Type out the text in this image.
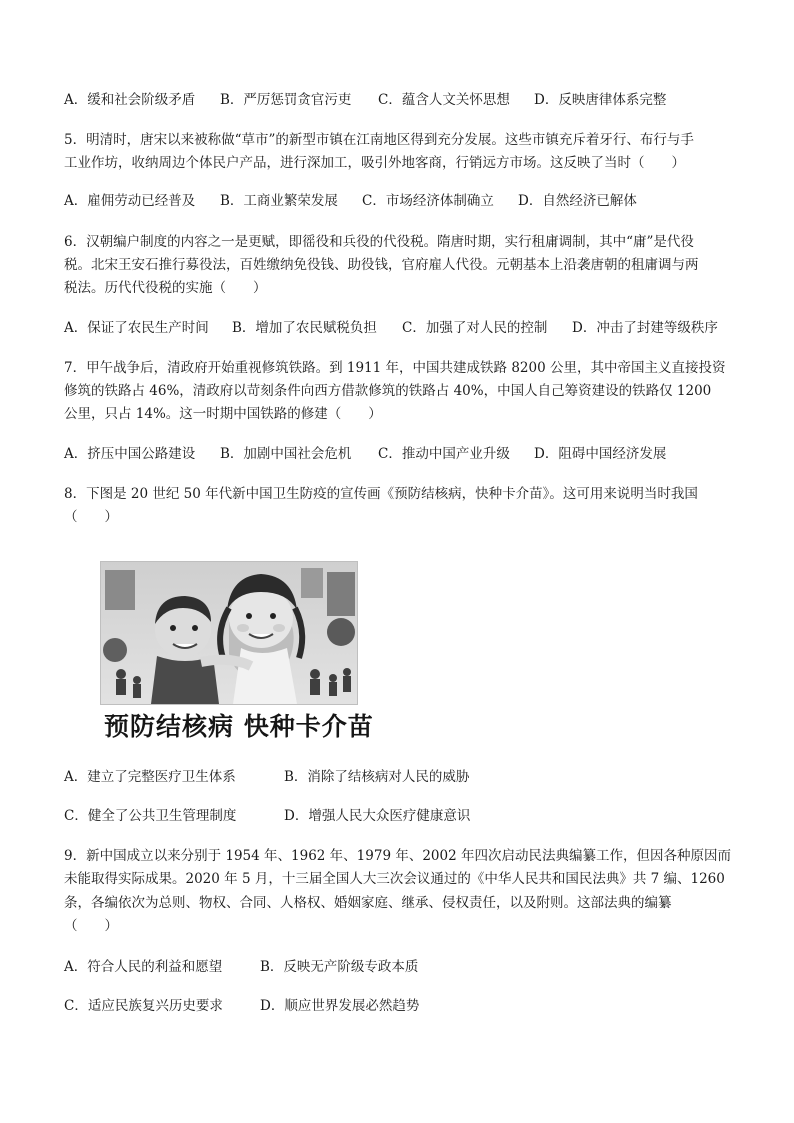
A．缓和社会阶级矛盾 B．严厉惩罚贪官污吏 C．蕴含人文关怀思想 D．反映唐律体系完整
5．明清时，唐宋以来被称做“草市”的新型市镇在江南地区得到充分发展。这些市镇充斥着牙行、布行与手
工业作坊，收纳周边个体民户产品，进行深加工，吸引外地客商，行销远方市场。这反映了当时（　　）
A．雇佣劳动已经普及 B．工商业繁荣发展 C．市场经济体制确立 D．自然经济已解体
6．汉朝编户制度的内容之一是更赋，即徭役和兵役的代役税。隋唐时期，实行租庸调制，其中“庸”是代役
税。北宋王安石推行募役法，百姓缴纳免役钱、助役钱，官府雇人代役。元朝基本上沿袭唐朝的租庸调与两
税法。历代代役税的实施（　　）
A．保证了农民生产时间 B．增加了农民赋税负担 C．加强了对人民的控制 D．冲击了封建等级秩序
7．甲午战争后，清政府开始重视修筑铁路。到 1911 年，中国共建成铁路 8200 公里，其中帝国主义直接投资
修筑的铁路占 46%，清政府以苛刻条件向西方借款修筑的铁路占 40%，中国人自己筹资建设的铁路仅 1200
公里，只占 14%。这一时期中国铁路的修建（　　）
A．挤压中国公路建设 B．加剧中国社会危机 C．推动中国产业升级 D．阻碍中国经济发展
8．下图是 20 世纪 50 年代新中国卫生防疫的宣传画《预防结核病，快种卡介苗》。这可用来说明当时我国
（　　）
预防结核病 快种卡介苗
A．建立了完整医疗卫生体系	B．消除了结核病对人民的威胁
C．健全了公共卫生管理制度	D．增强人民大众医疗健康意识
9．新中国成立以来分别于 1954 年、1962 年、1979 年、2002 年四次启动民法典编纂工作，但因各种原因而
未能取得实际成果。2020 年 5 月，十三届全国人大三次会议通过的《中华人民共和国民法典》共 7 编、1260
条，各编依次为总则、物权、合同、人格权、婚姻家庭、继承、侵权责任，以及附则。这部法典的编纂
（　　）
A．符合人民的利益和愿望	B．反映无产阶级专政本质
C．适应民族复兴历史要求	D．顺应世界发展必然趋势
